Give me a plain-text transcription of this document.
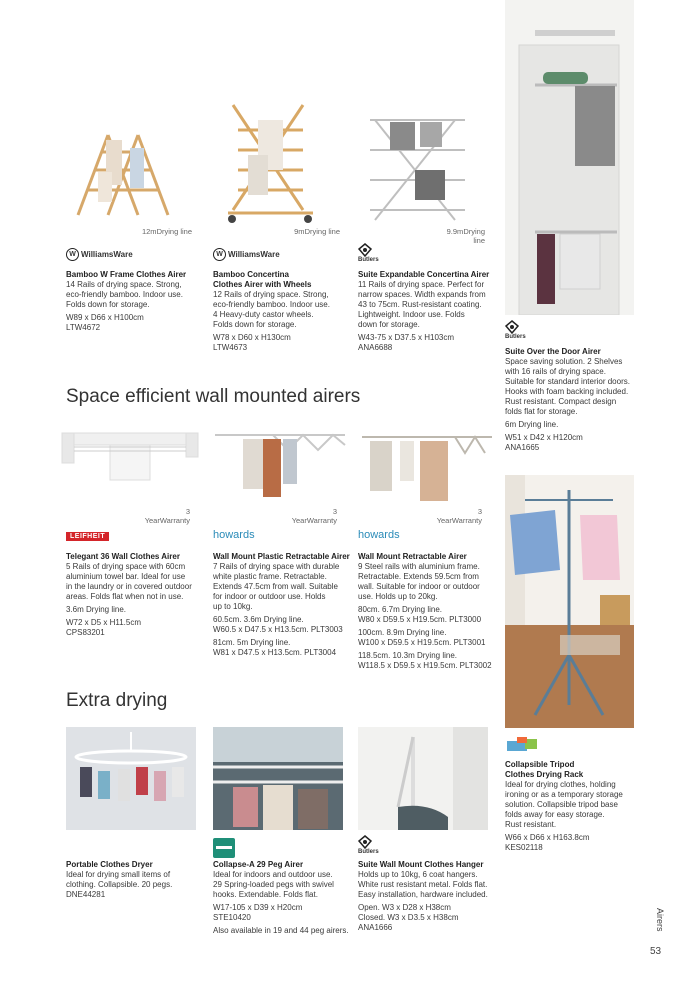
12mDrying line	9mDrying line	9.9mDrying line
W WilliamsWare	W WilliamsWare
Butlers
Bamboo W Frame Clothes Airer
14 Rails of drying space. Strong,
eco-friendly bamboo. Indoor use.
Folds down for storage.
W89 x D66 x H100cm
LTW4672
Bamboo Concertina
Clothes Airer with Wheels
12 Rails of drying space. Strong,
eco-friendly bamboo. Indoor use.
4 Heavy-duty castor wheels.
Folds down for storage.
W78 x D60 x H130cm
LTW4673
Suite Expandable Concertina Airer
11 Rails of drying space. Perfect for
narrow spaces. Width expands from
43 to 75cm. Rust-resistant coating.
Lightweight. Indoor use. Folds
down for storage.
W43-75 x D37.5 x H103cm
ANA6688
Butlers
Suite Over the Door Airer
Space saving solution. 2 Shelves
with 16 rails of drying space.
Suitable for standard interior doors.
Hooks with foam backing included.
Rust resistant. Compact design
folds flat for storage.
6m Drying line.
W51 x D42 x H120cm
ANA1665
Space efficient wall mounted airers
3 YearWarranty
3 YearWarranty
3 YearWarranty
LEIFHEIT	howards	howards
Telegant 36 Wall Clothes Airer
5 Rails of drying space with 60cm
aluminium towel bar. Ideal for use
in the laundry or in covered outdoor
areas. Folds flat when not in use.
3.6m Drying line.
W72 x D5 x H11.5cm
CPS83201
Wall Mount Plastic Retractable Airer
7 Rails of drying space with durable
white plastic frame. Retractable.
Extends 47.5cm from wall. Suitable
for indoor or outdoor use. Holds
up to 10kg.
60.5cm. 3.6m Drying line.
W60.5 x D47.5 x H13.5cm. PLT3003
81cm. 5m Drying line.
W81 x D47.5 x H13.5cm. PLT3004
Wall Mount Retractable Airer
9 Steel rails with aluminium frame.
Retractable. Extends 59.5cm from
wall. Suitable for indoor or outdoor
use. Holds up to 20kg.
80cm. 6.7m Drying line.
W80 x D59.5 x H19.5cm. PLT3000
100cm. 8.9m Drying line.
W100 x D59.5 x H19.5cm. PLT3001
118.5cm. 10.3m Drying line.
W118.5 x D59.5 x H19.5cm. PLT3002
Collapsible Tripod
Clothes Drying Rack
Ideal for drying clothes, holding
ironing or as a temporary storage
solution. Collapsible tripod base
folds away for easy storage.
Rust resistant.
W66 x D66 x H163.8cm
KES02118
Extra drying
Butlers
Portable Clothes Dryer
Ideal for drying small items of
clothing. Collapsible. 20 pegs.
DNE44281
Collapse-A 29 Peg Airer
Ideal for indoors and outdoor use.
29 Spring-loaded pegs with swivel
hooks. Extendable. Folds flat.
W17-105 x D39 x H20cm
STE10420
Also available in 19 and 44 peg airers.
Suite Wall Mount Clothes Hanger
Holds up to 10kg, 6 coat hangers.
White rust resistant metal. Folds flat.
Easy installation, hardware included.
Open. W3 x D28 x H38cm
Closed. W3 x D3.5 x H38cm
ANA1666	Airers
53
